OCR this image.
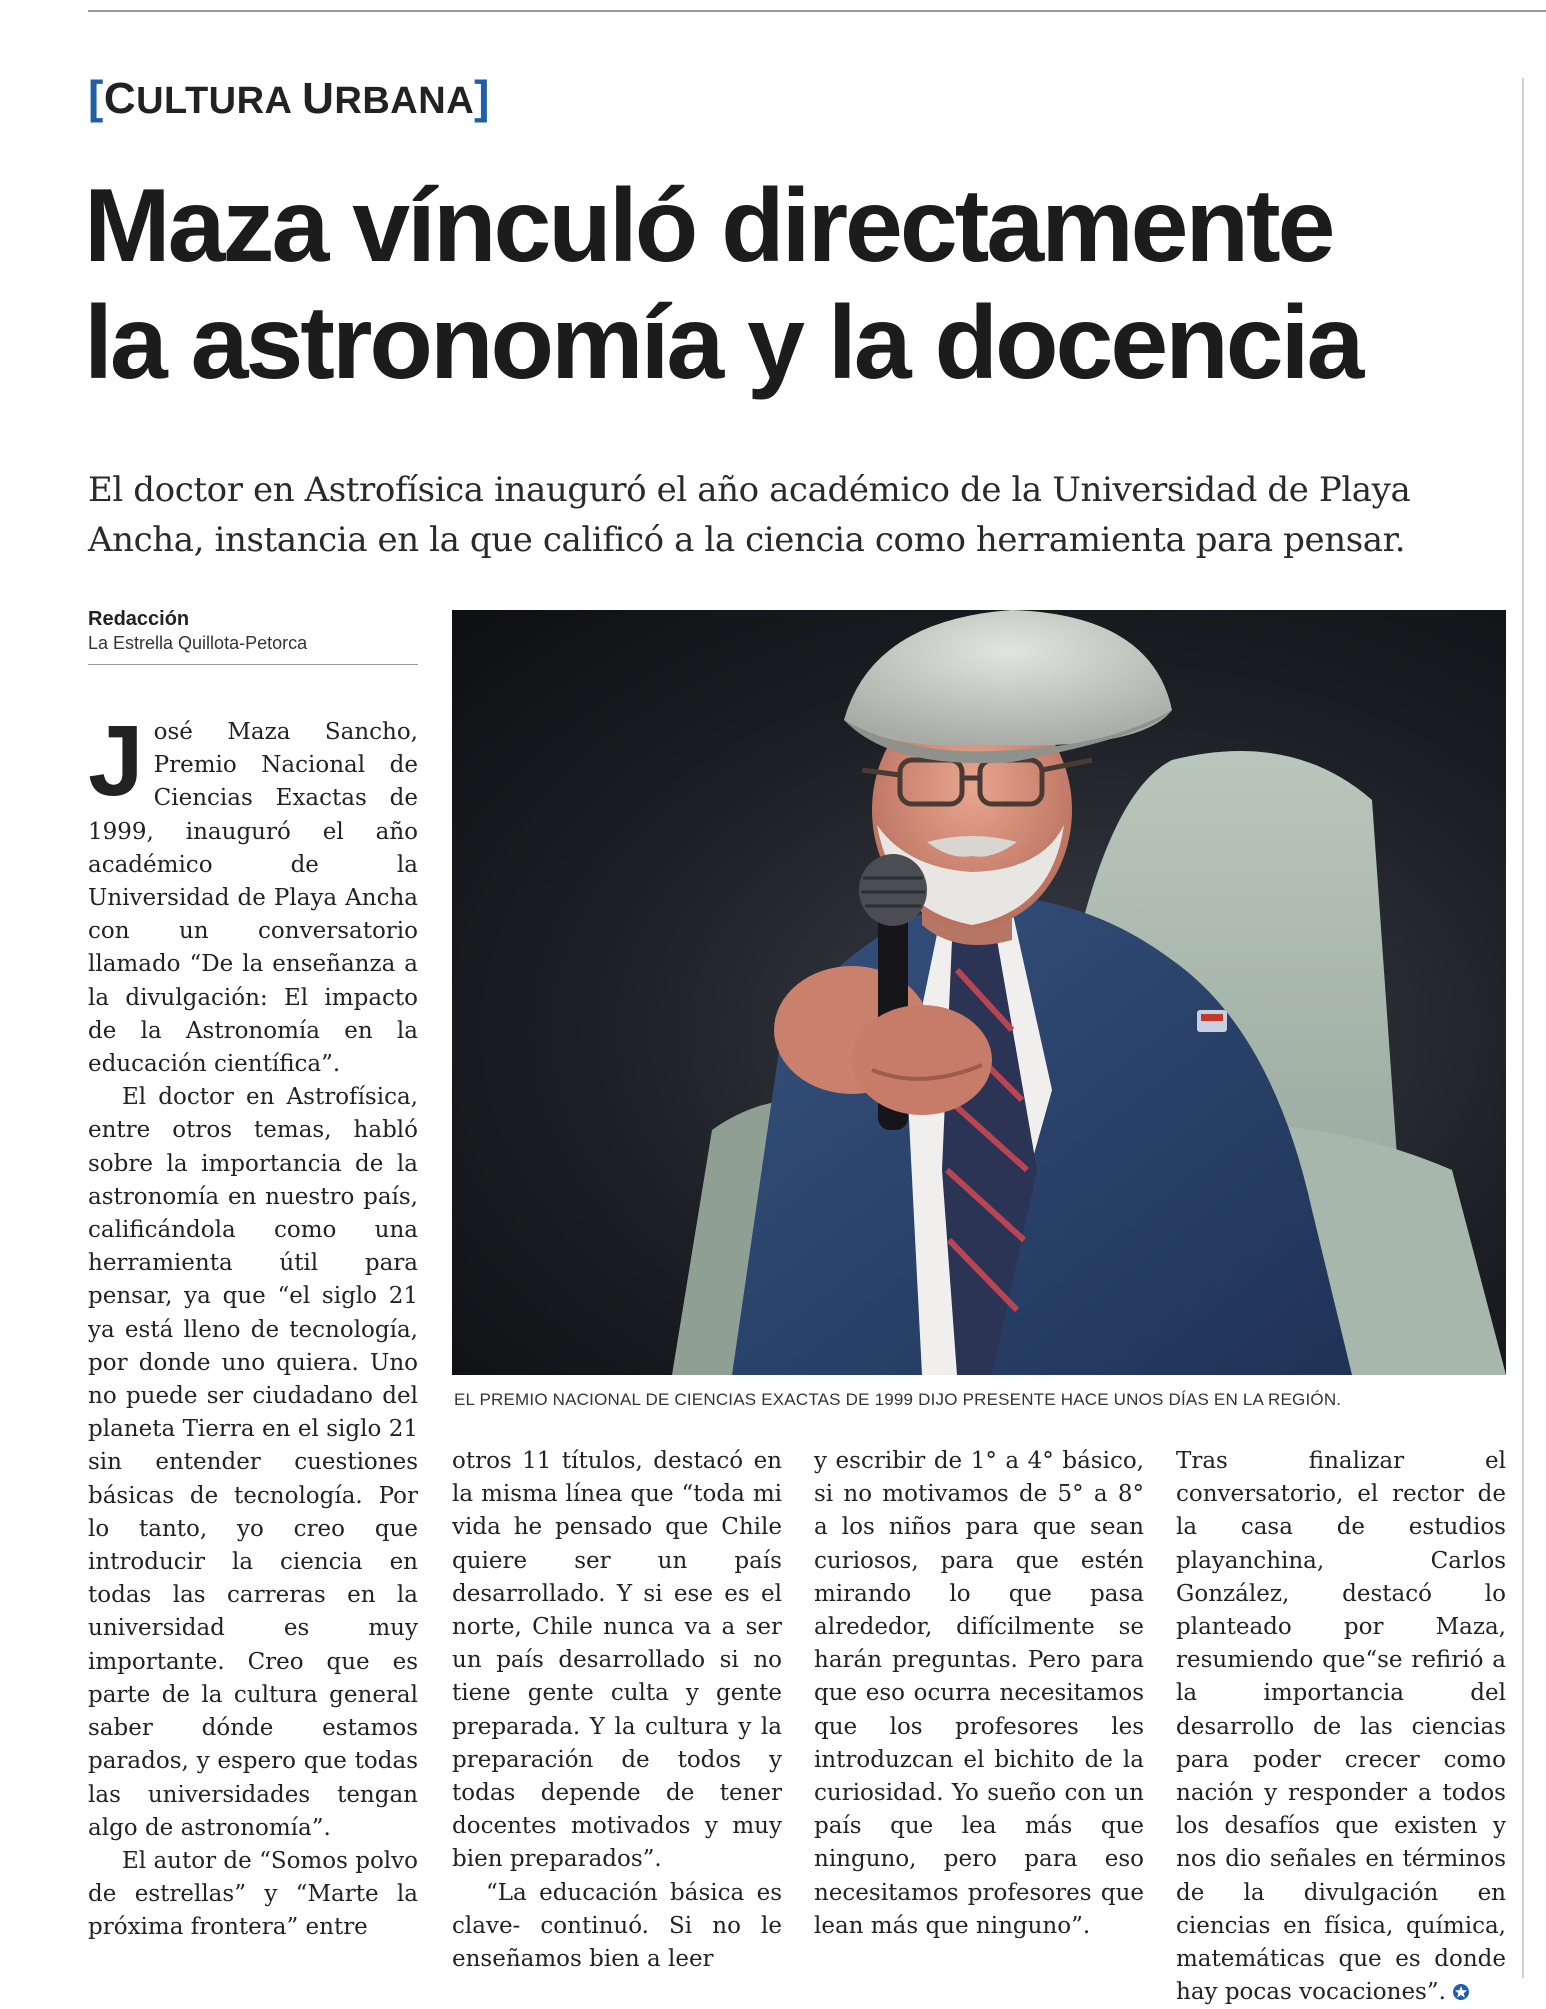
[CULTURA URBANA]
Maza vínculó directamente
la astronomía y la docencia
El doctor en Astrofísica inauguró el año académico de la Universidad de Playa Ancha, instancia en la que calificó a la ciencia como herramienta para pensar.
Redacción
La Estrella Quillota-Petorca
EL PREMIO NACIONAL DE CIENCIAS EXACTAS DE 1999 DIJO PRESENTE HACE UNOS DÍAS EN LA REGIÓN.

José Maza Sancho, Premio Nacional de Ciencias Exactas de 1999, inauguró el año académico de la Universidad de Playa Ancha con un conversatorio llamado “De la enseñanza a la divulgación: El impacto de la Astronomía en la educación científica”.

El doctor en Astrofísica, entre otros temas, habló sobre la importancia de la astronomía en nuestro país, calificándola como una herramienta útil para pensar, ya que “el siglo 21 ya está lleno de tecnología, por donde uno quiera. Uno no puede ser ciudadano del planeta Tierra en el siglo 21 sin entender cuestiones básicas de tecnología. Por lo tanto, yo creo que introducir la ciencia en todas las carreras en la universidad es muy importante. Creo que es parte de la cultura general saber dónde estamos parados, y espero que todas las universidades tengan algo de astronomía”.

El autor de “Somos polvo de estrellas” y “Marte la próxima frontera” entre

otros 11 títulos, destacó en la misma línea que “toda mi vida he pensado que Chile quiere ser un país desarrollado. Y si ese es el norte, Chile nunca va a ser un país desarrollado si no tiene gente culta y gente preparada. Y la cultura y la preparación de todos y todas depende de tener docentes motivados y muy bien preparados”.

“La educación básica es clave- continuó. Si no le enseñamos bien a leer

y escribir de 1° a 4° básico, si no motivamos de 5° a 8° a los niños para que sean curiosos, para que estén mirando lo que pasa alrededor, difícilmente se harán preguntas. Pero para que eso ocurra necesitamos que los profesores les introduzcan el bichito de la curiosidad. Yo sueño con un país que lea más que ninguno, pero para eso necesitamos profesores que lean más que ninguno”.

Tras finalizar el conversatorio, el rector de la casa de estudios playanchina, Carlos González, destacó lo planteado por Maza, resumiendo que“se refirió a la importancia del desarrollo de las ciencias para poder crecer como nación y responder a todos los desafíos que existen y nos dio señales en términos de la divulgación en ciencias en física, química, matemáticas que es donde hay pocas vocaciones”.
